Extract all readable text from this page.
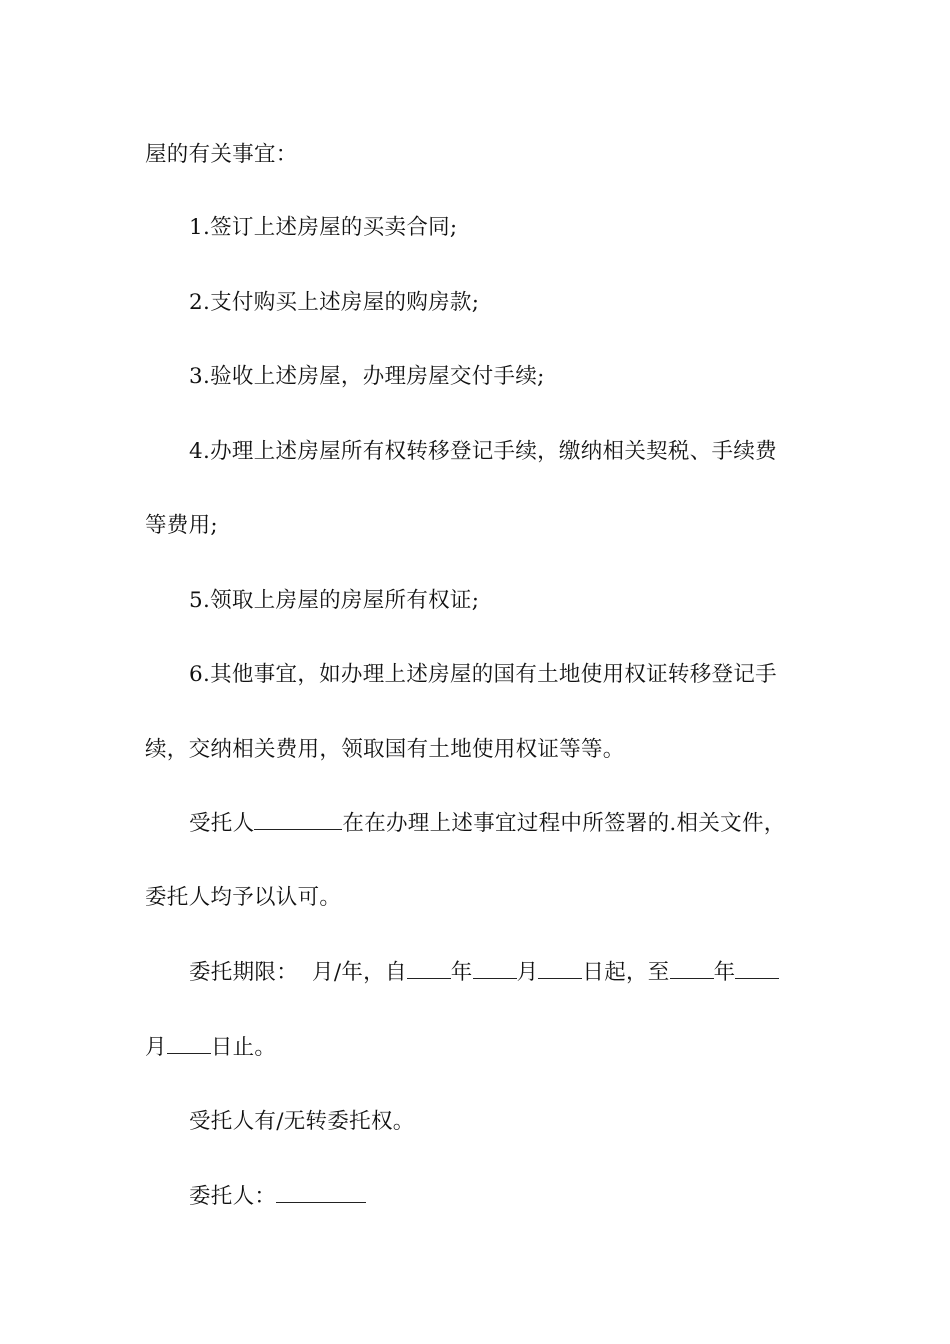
屋的有关事宜：
1.签订上述房屋的买卖合同;
2.支付购买上述房屋的购房款;
3.验收上述房屋，办理房屋交付手续;
4.办理上述房屋所有权转移登记手续，缴纳相关契税、手续费
等费用;
5.领取上房屋的房屋所有权证;
6.其他事宜，如办理上述房屋的国有土地使用权证转移登记手
续，交纳相关费用，领取国有土地使用权证等等。
受托人	在在办理上述事宜过程中所签署的.相关文件，
委托人均予以认可。
委托期限： 月/年，自 年 月 日起，至 年
月 日止。
受托人有/无转委托权。
委托人：
